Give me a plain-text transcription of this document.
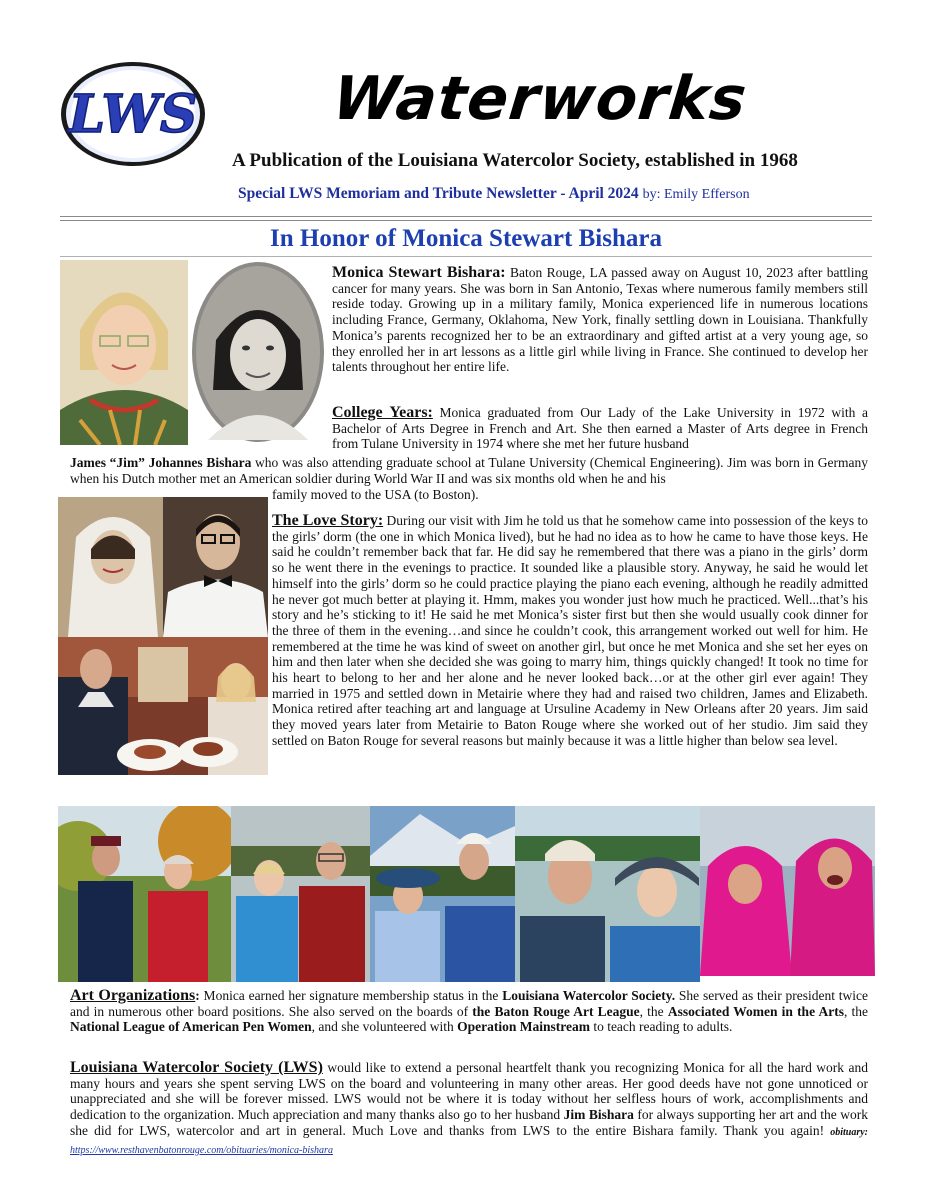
LWS	Waterworks
A Publication of the Louisiana Watercolor Society, established in 1968
Special LWS Memoriam and Tribute Newsletter - April 2024 by: Emily Efferson
In Honor of Monica Stewart Bishara
Monica Stewart Bishara: Baton Rouge, LA passed away on August 10, 2023 after battling cancer for many years. She was born in San Antonio, Texas where numerous family members still reside today. Growing up in a military family, Monica experienced life in numerous locations including France, Germany, Oklahoma, New York, finally settling down in Louisiana. Thankfully Monica’s parents recognized her to be an extraordinary and gifted artist at a very young age, so they enrolled her in art lessons as a little girl while living in France. She continued to develop her talents throughout her entire life.
College Years: Monica graduated from Our Lady of the Lake University in 1972 with a Bachelor of Arts Degree in French and Art. She then earned a Master of Arts degree in French from Tulane University in 1974 where she met her future husband
James “Jim” Johannes Bishara who was also attending graduate school at Tulane University (Chemical Engineering). Jim was born in Germany when his Dutch mother met an American soldier during World War II and was six months old when he and his
family moved to the USA (to Boston).
The Love Story: During our visit with Jim he told us that he somehow came into possession of the keys to the girls’ dorm (the one in which Monica lived), but he had no idea as to how he came to have those keys. He said he couldn’t remember back that far. He did say he remembered that there was a piano in the girls’ dorm so he went there in the evenings to practice. It sounded like a plausible story. Anyway, he said he would let himself into the girls’ dorm so he could practice playing the piano each evening, although he readily admitted he never got much better at playing it. Hmm, makes you wonder just how much he practiced. Well...that’s his story and he’s sticking to it! He said he met Monica’s sister first but then she would usually cook dinner for the three of them in the evening…and since he couldn’t cook, this arrangement worked out well for him. He remembered at the time he was kind of sweet on another girl, but once he met Monica and she set her eyes on him and then later when she decided she was going to marry him, things quickly changed! It took no time for his heart to belong to her and her alone and he never looked back…or at the other girl ever again! They married in 1975 and settled down in Metairie where they had and raised two children, James and Elizabeth. Monica retired after teaching art and language at Ursuline Academy in New Orleans after 20 years. Jim said they moved years later from Metairie to Baton Rouge where she worked out of her studio. Jim said they settled on Baton Rouge for several reasons but mainly because it was a little higher than below sea level.
Art Organizations: Monica earned her signature membership status in the Louisiana Watercolor Society. She served as their president twice and in numerous other board positions. She also served on the boards of the Baton Rouge Art League, the Associated Women in the Arts, the National League of American Pen Women, and she volunteered with Operation Mainstream to teach reading to adults.
Louisiana Watercolor Society (LWS) would like to extend a personal heartfelt thank you recognizing Monica for all the hard work and many hours and years she spent serving LWS on the board and volunteering in many other areas. Her good deeds have not gone unnoticed or unappreciated and she will be forever missed. LWS would not be where it is today without her selfless hours of work, accomplishments and dedication to the organization. Much appreciation and many thanks also go to her husband Jim Bishara for always supporting her art and the work she did for LWS, watercolor and art in general. Much Love and thanks from LWS to the entire Bishara family. Thank you again! obituary: https://www.resthavenbatonrouge.com/obituaries/monica-bishara
